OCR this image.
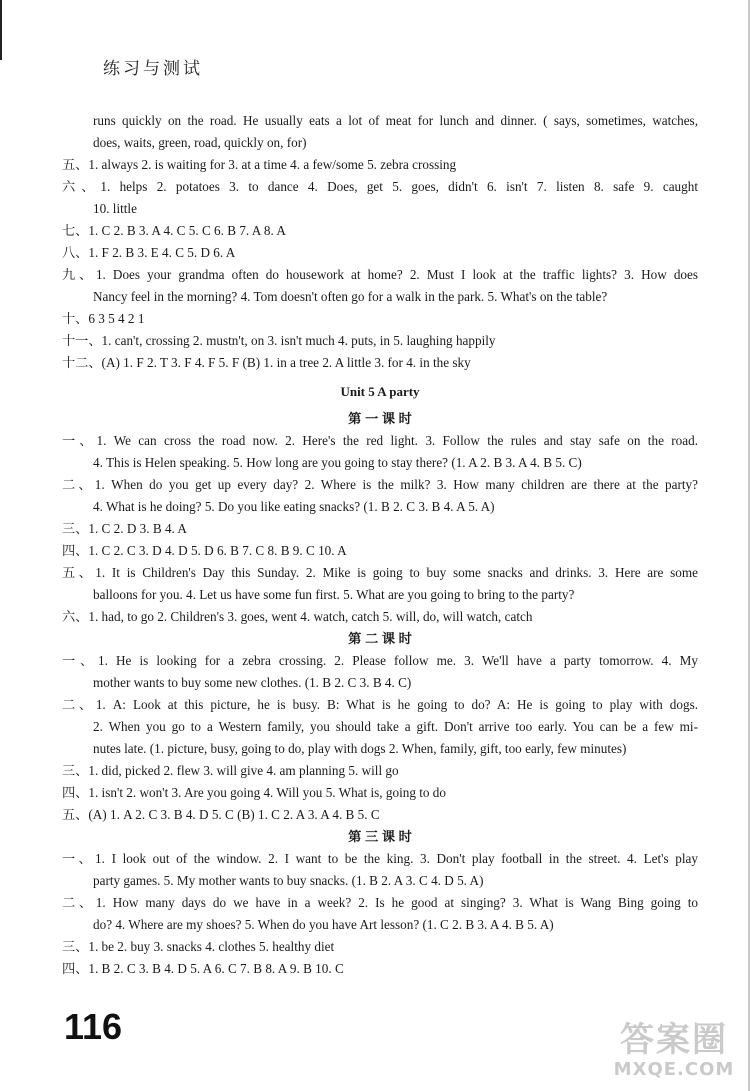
练习与测试
runs quickly on the road. He usually eats a lot of meat for lunch and dinner. ( says, sometimes, watches,
does, waits, green, road, quickly on, for)
五、1. always 2. is waiting for 3. at a time 4. a few/some 5. zebra crossing
六、1. helps 2. potatoes 3. to dance 4. Does, get 5. goes, didn't 6. isn't 7. listen 8. safe 9. caught
10. little
七、1. C 2. B 3. A 4. C 5. C 6. B 7. A 8. A
八、1. F 2. B 3. E 4. C 5. D 6. A
九、1. Does your grandma often do housework at home? 2. Must I look at the traffic lights? 3. How does
Nancy feel in the morning? 4. Tom doesn't often go for a walk in the park. 5. What's on the table?
十、6 3 5 4 2 1
十一、1. can't, crossing 2. mustn't, on 3. isn't much 4. puts, in 5. laughing happily
十二、(A) 1. F 2. T 3. F 4. F 5. F (B) 1. in a tree 2. A little 3. for 4. in the sky
Unit 5 A party
第 一 课 时
一、1. We can cross the road now. 2. Here's the red light. 3. Follow the rules and stay safe on the road.
4. This is Helen speaking. 5. How long are you going to stay there? (1. A 2. B 3. A 4. B 5. C)
二、1. When do you get up every day? 2. Where is the milk? 3. How many children are there at the party?
4. What is he doing? 5. Do you like eating snacks? (1. B 2. C 3. B 4. A 5. A)
三、1. C 2. D 3. B 4. A
四、1. C 2. C 3. D 4. D 5. D 6. B 7. C 8. B 9. C 10. A
五、1. It is Children's Day this Sunday. 2. Mike is going to buy some snacks and drinks. 3. Here are some
balloons for you. 4. Let us have some fun first. 5. What are you going to bring to the party?
六、1. had, to go 2. Children's 3. goes, went 4. watch, catch 5. will, do, will watch, catch
第 二 课 时
一、1. He is looking for a zebra crossing. 2. Please follow me. 3. We'll have a party tomorrow. 4. My
mother wants to buy some new clothes. (1. B 2. C 3. B 4. C)
二、1. A: Look at this picture, he is busy. B: What is he going to do? A: He is going to play with dogs.
2. When you go to a Western family, you should take a gift. Don't arrive too early. You can be a few mi-
nutes late. (1. picture, busy, going to do, play with dogs 2. When, family, gift, too early, few minutes)
三、1. did, picked 2. flew 3. will give 4. am planning 5. will go
四、1. isn't 2. won't 3. Are you going 4. Will you 5. What is, going to do
五、(A) 1. A 2. C 3. B 4. D 5. C (B) 1. C 2. A 3. A 4. B 5. C
第 三 课 时
一、1. I look out of the window. 2. I want to be the king. 3. Don't play football in the street. 4. Let's play
party games. 5. My mother wants to buy snacks. (1. B 2. A 3. C 4. D 5. A)
二、1. How many days do we have in a week? 2. Is he good at singing? 3. What is Wang Bing going to
do? 4. Where are my shoes? 5. When do you have Art lesson? (1. C 2. B 3. A 4. B 5. A)
三、1. be 2. buy 3. snacks 4. clothes 5. healthy diet
四、1. B 2. C 3. B 4. D 5. A 6. C 7. B 8. A 9. B 10. C
116	答案圈
MXQE.COM
